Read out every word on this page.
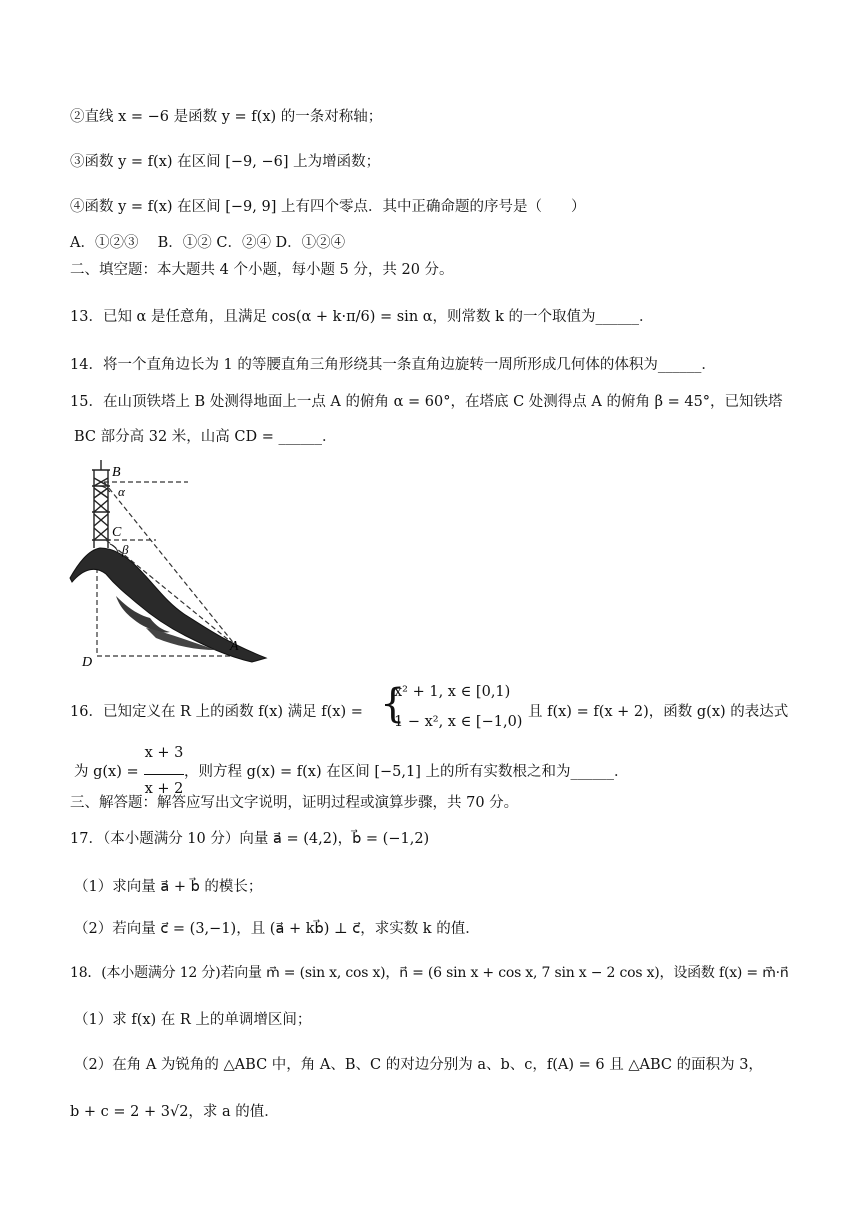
②直线 x = −6 是函数 y = f(x) 的一条对称轴；
③函数 y = f(x) 在区间 [−9, −6] 上为增函数；
④函数 y = f(x) 在区间 [−9, 9] 上有四个零点．其中正确命题的序号是（　　）
A．①②③　 B．①② C．②④ D．①②④
二、填空题：本大题共 4 个小题，每小题 5 分，共 20 分。
13．已知 α 是任意角，且满足 cos(α + k·π/6) = sin α，则常数 k 的一个取值为______．
14．将一个直角边长为 1 的等腰直角三角形绕其一条直角边旋转一周所形成几何体的体积为______．
15．在山顶铁塔上 B 处测得地面上一点 A 的俯角 α = 60°，在塔底 C 处测得点 A 的俯角 β = 45°，已知铁塔
BC 部分高 32 米，山高 CD = ______．
B
α
C
β
D
A
16．已知定义在 R 上的函数 f(x) 满足 f(x) = {
x² + 1, x ∈ [0,1)
1 − x², x ∈ [−1,0)
且 f(x) = f(x + 2)，函数 g(x) 的表达式
为 g(x) =
x + 3
x + 2
，则方程 g(x) = f(x) 在区间 [−5,1] 上的所有实数根之和为______．
三、解答题：解答应写出文字说明，证明过程或演算步骤，共 70 分。
17．（本小题满分 10 分）向量 a⃗ = (4,2)，b⃗ = (−1,2)
（1）求向量 a⃗ + b⃗ 的模长；
（2）若向量 c⃗ = (3,−1)，且 (a⃗ + kb⃗) ⊥ c⃗，求实数 k 的值．
18．(本小题满分 12 分)若向量 m⃗ = (sin x, cos x)，n⃗ = (6 sin x + cos x, 7 sin x − 2 cos x)，设函数 f(x) = m⃗·n⃗
（1）求 f(x) 在 R 上的单调增区间；
（2）在角 A 为锐角的 △ABC 中，角 A、B、C 的对边分别为 a、b、c，f(A) = 6 且 △ABC 的面积为 3，
b + c = 2 + 3√2，求 a 的值．
